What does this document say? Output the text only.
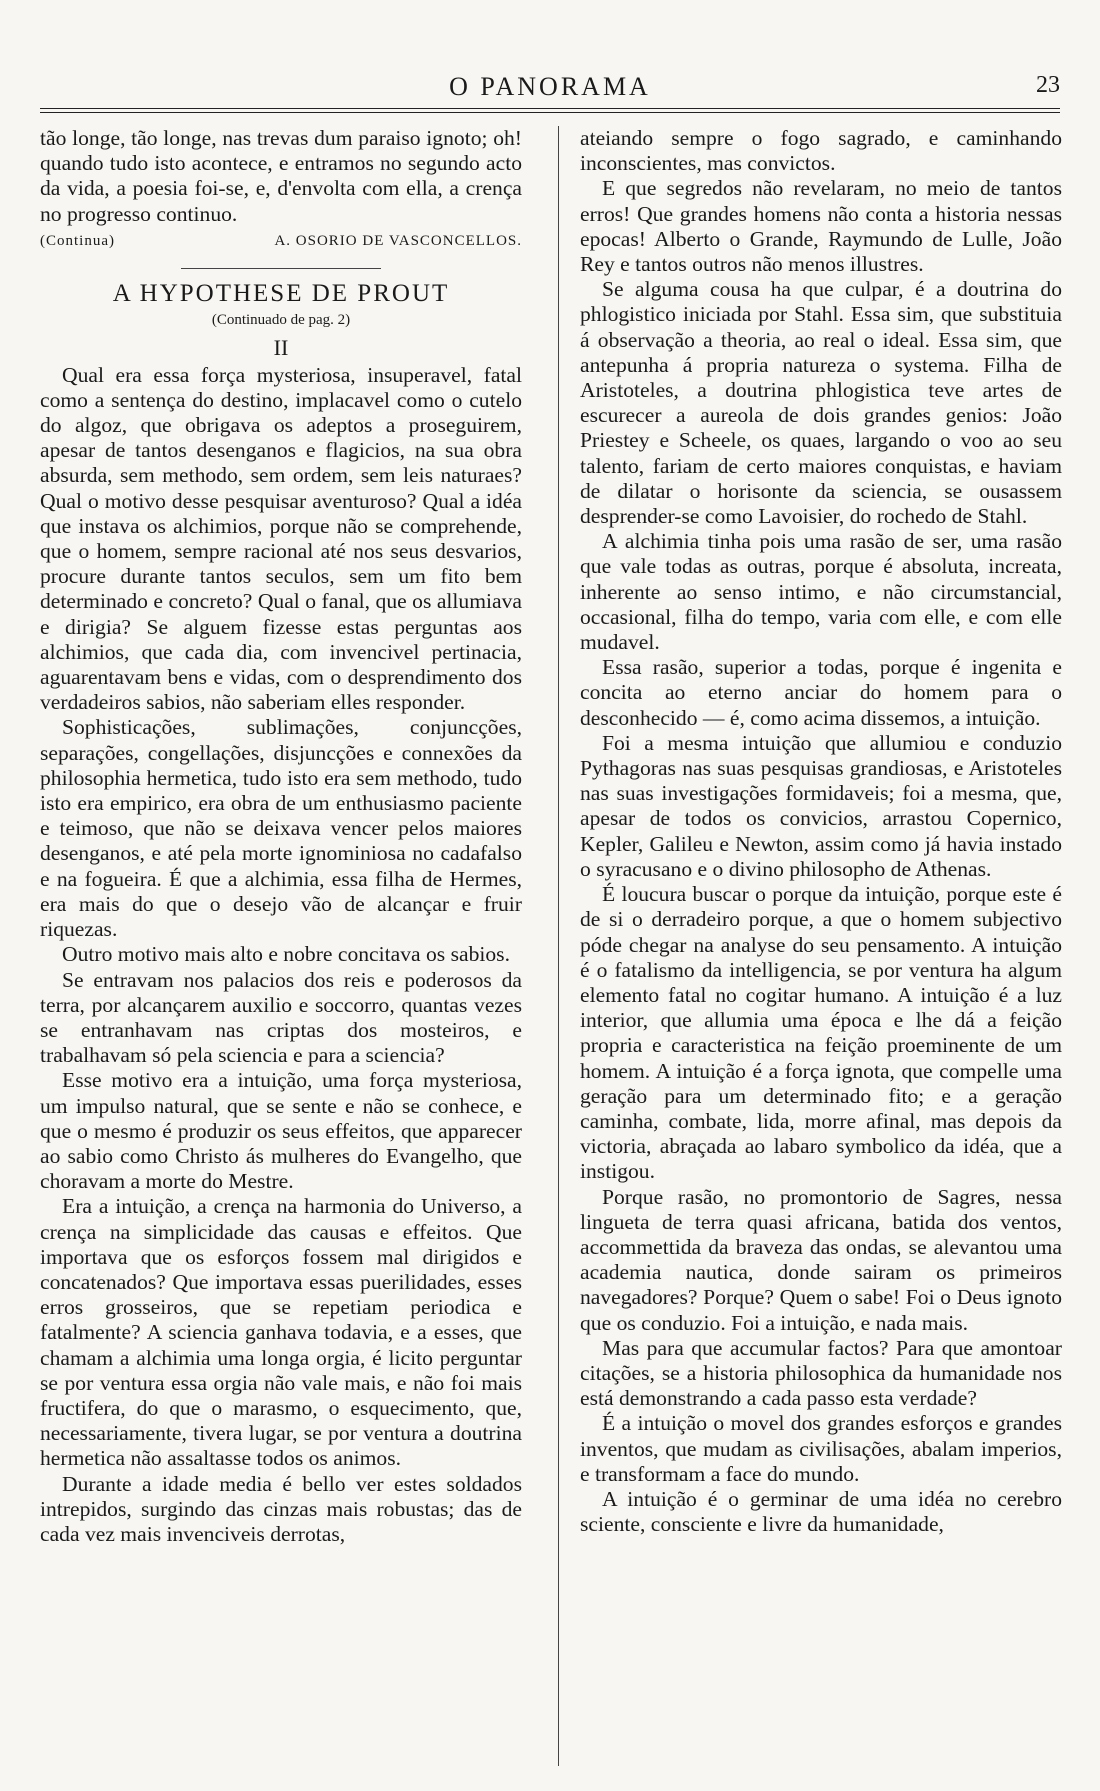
O PANORAMA	23

tão longe, tão longe, nas trevas dum paraiso ignoto; oh! quando tudo isto acontece, e entramos no segundo acto da vida, a poesia foi-se, e, d'envolta com ella, a crença no progresso continuo.

(Continua)	A. OSORIO DE VASCONCELLOS.
A HYPOTHESE DE PROUT
(Continuado de pag. 2)
II

Qual era essa força mysteriosa, insuperavel, fatal como a sentença do destino, implacavel como o cutelo do algoz, que obrigava os adeptos a proseguirem, apesar de tantos desenganos e flagicios, na sua obra absurda, sem methodo, sem ordem, sem leis naturaes? Qual o motivo desse pesquisar aventuroso? Qual a idéa que instava os alchimios, porque não se comprehende, que o homem, sempre racional até nos seus desvarios, procure durante tantos seculos, sem um fito bem determinado e concreto? Qual o fanal, que os allumiava e dirigia? Se alguem fizesse estas perguntas aos alchimios, que cada dia, com invencivel pertinacia, aguarentavam bens e vidas, com o desprendimento dos verdadeiros sabios, não saberiam elles responder.

Sophisticações, sublimações, conjuncções, separações, congellações, disjuncções e connexões da philosophia hermetica, tudo isto era sem methodo, tudo isto era empirico, era obra de um enthusiasmo paciente e teimoso, que não se deixava vencer pelos maiores desenganos, e até pela morte ignominiosa no cadafalso e na fogueira. É que a alchimia, essa filha de Hermes, era mais do que o desejo vão de alcançar e fruir riquezas.

Outro motivo mais alto e nobre concitava os sabios.

Se entravam nos palacios dos reis e poderosos da terra, por alcançarem auxilio e soccorro, quantas vezes se entranhavam nas criptas dos mosteiros, e trabalhavam só pela sciencia e para a sciencia?

Esse motivo era a intuição, uma força mysteriosa, um impulso natural, que se sente e não se conhece, e que o mesmo é produzir os seus effeitos, que apparecer ao sabio como Christo ás mulheres do Evangelho, que choravam a morte do Mestre.

Era a intuição, a crença na harmonia do Universo, a crença na simplicidade das causas e effeitos. Que importava que os esforços fossem mal dirigidos e concatenados? Que importava essas puerilidades, esses erros grosseiros, que se repetiam periodica e fatalmente? A sciencia ganhava todavia, e a esses, que chamam a alchimia uma longa orgia, é licito perguntar se por ventura essa orgia não vale mais, e não foi mais fructifera, do que o marasmo, o esquecimento, que, necessariamente, tivera lugar, se por ventura a doutrina hermetica não assaltasse todos os animos.

Durante a idade media é bello ver estes soldados intrepidos, surgindo das cinzas mais robustas; das de cada vez mais invenciveis derrotas,

ateiando sempre o fogo sagrado, e caminhando inconscientes, mas convictos.

E que segredos não revelaram, no meio de tantos erros! Que grandes homens não conta a historia nessas epocas! Alberto o Grande, Raymundo de Lulle, João Rey e tantos outros não menos illustres.

Se alguma cousa ha que culpar, é a doutrina do phlogistico iniciada por Stahl. Essa sim, que substituia á observação a theoria, ao real o ideal. Essa sim, que antepunha á propria natureza o systema. Filha de Aristoteles, a doutrina phlogistica teve artes de escurecer a aureola de dois grandes genios: João Priestey e Scheele, os quaes, largando o voo ao seu talento, fariam de certo maiores conquistas, e haviam de dilatar o horisonte da sciencia, se ousassem desprender-se como Lavoisier, do rochedo de Stahl.

A alchimia tinha pois uma rasão de ser, uma rasão que vale todas as outras, porque é absoluta, increata, inherente ao senso intimo, e não circumstancial, occasional, filha do tempo, varia com elle, e com elle mudavel.

Essa rasão, superior a todas, porque é ingenita e concita ao eterno anciar do homem para o desconhecido — é, como acima dissemos, a intuição.

Foi a mesma intuição que allumiou e conduzio Pythagoras nas suas pesquisas grandiosas, e Aristoteles nas suas investigações formidaveis; foi a mesma, que, apesar de todos os convicios, arrastou Copernico, Kepler, Galileu e Newton, assim como já havia instado o syracusano e o divino philosopho de Athenas.

É loucura buscar o porque da intuição, porque este é de si o derradeiro porque, a que o homem subjectivo póde chegar na analyse do seu pensamento. A intuição é o fatalismo da intelligencia, se por ventura ha algum elemento fatal no cogitar humano. A intuição é a luz interior, que allumia uma época e lhe dá a feição propria e caracteristica na feição proeminente de um homem. A intuição é a força ignota, que compelle uma geração para um determinado fito; e a geração caminha, combate, lida, morre afinal, mas depois da victoria, abraçada ao labaro symbolico da idéa, que a instigou.

Porque rasão, no promontorio de Sagres, nessa lingueta de terra quasi africana, batida dos ventos, accommettida da braveza das ondas, se alevantou uma academia nautica, donde sairam os primeiros navegadores? Porque? Quem o sabe! Foi o Deus ignoto que os conduzio. Foi a intuição, e nada mais.

Mas para que accumular factos? Para que amontoar citações, se a historia philosophica da humanidade nos está demonstrando a cada passo esta verdade?

É a intuição o movel dos grandes esforços e grandes inventos, que mudam as civilisações, abalam imperios, e transformam a face do mundo.

A intuição é o germinar de uma idéa no cerebro sciente, consciente e livre da humanidade,
